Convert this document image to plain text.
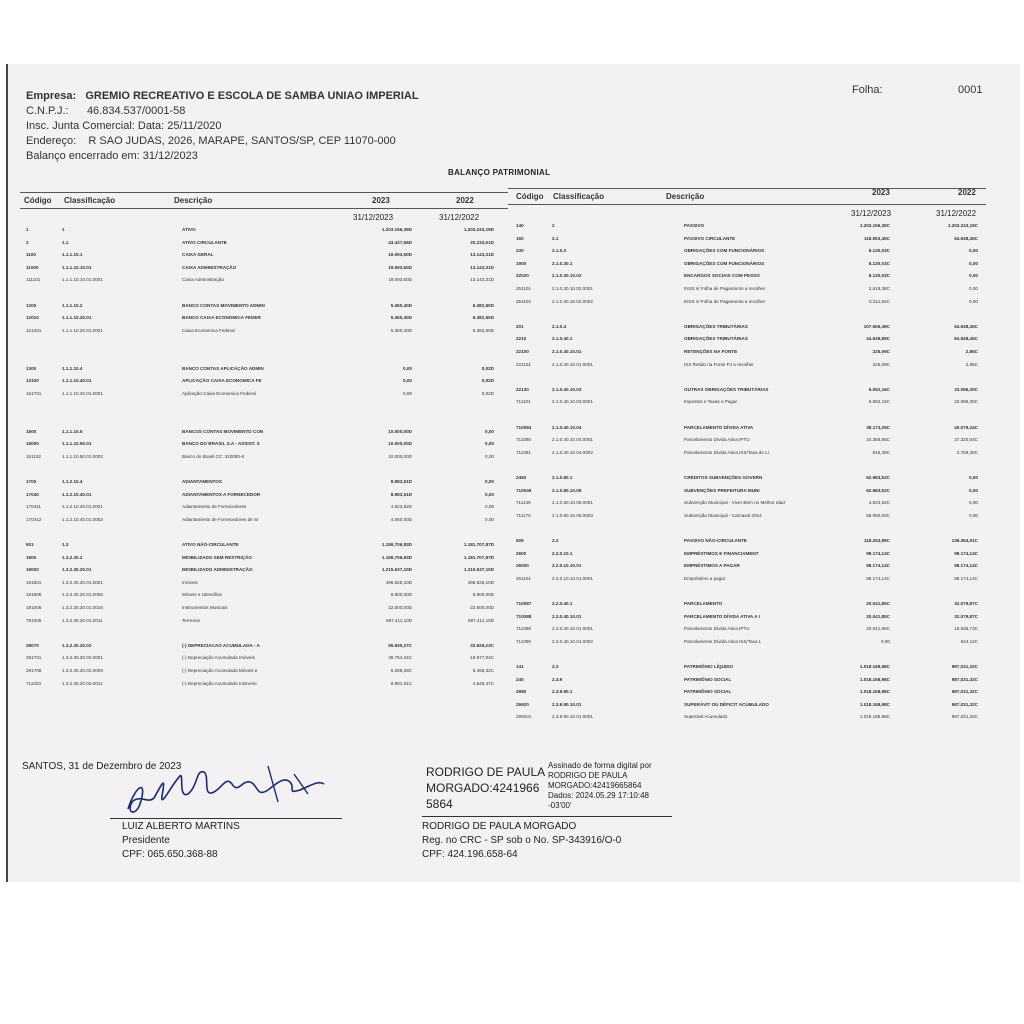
Empresa: GREMIO RECREATIVO E ESCOLA DE SAMBA UNIAO IMPERIAL
C.N.P.J.: 46.834.537/0001-58
Insc. Junta Comercial: Data: 25/11/2020
Endereço: R SAO JUDAS, 2026, MARAPE, SANTOS/SP, CEP 11070-000
Balanço encerrado em: 31/12/2023
Folha:	0001
BALANÇO PATRIMONIAL
Código Classificação	Descrição	2023	2022
31/12/2023	31/12/2022
Código Classificação	Descrição	2023	2022
31/12/2023	31/12/2022
1	1	ATIVO	1.203.156,39D	1.203.233,19D
2	1.1	ATIVO CIRCULANTE	43.437,56D	20.233,01D
1100	1.1.1.10.1	CAIXA GERAL	19.093,50D	13.143,31D
11000	1.1.1.10.10.01	CAIXA ADMINISTRAÇÃO	19.093,50D	13.143,31D
111101	1.1.1.10.10.01.0001	Caixa Administração	19.093,50D	13.143,31D
1200	1.1.1.10.2	BANCO CONTAS MOVIMENTO ADMIN	5.360,40D	6.382,50D
12010	1.1.1.10.20.01	BANCO CAIXA ECONOMICA FEDER	5.360,40D	6.382,50D
121201	1.1.1.10.20.01.0001	Caixa Economica Federal	5.360,40D	6.382,50D
1300	1.1.1.10.4	BANCO CONTAS APLICAÇÃO ADMIN	0,00	0,02D
13100	1.1.1.10.40.01	APLICAÇÃO CAIXA ECONOMICA FE	0,00	0,02D
161701	1.1.1.10.40.01.0001	Aplicação Caixa Economica Federal	0,00	0,02D
1500	1.1.1.10.5	BANCOS CONTAS MOVIMENTO CON	10.000,00D	0,00
15000	1.1.1.10.50.01	BANCO DO BRASIL S.A - ASSIST. S	10.000,00D	0,00
151102	1.1.1.10.50.01.0002	Banco do Brasil CC: 310083-6	10.000,00D	0,00
1700	1.1.2.10.4	ADIANTAMENTOS	8.983,51D	0,00
17040	1.1.2.10.40.01	ADIANTAMENTOS A FORNECEDOR	8.983,51D	0,00
170411	1.1.2.10.40.01.0001	Adiantamento de Fornecedores	4.923,52D	0,00
170412	1.1.2.10.40.01.0002	Adiantamento de Fornecedores de Sr	4.060,00D	0,00
501	1.3	ATIVO NÃO-CIRCULANTE	1.159,706,83D	1.181.707,87D
1900	1.3.2.30.2	IMOBILIZADO SEM RESTRIÇÃO	1.159,706,83D	1.181.707,87D
19000	1.3.2.30.20.01	IMOBILIZADO ADMINISTRAÇÃO	1.215.637,10D	1.215.637,10D
191801	1.3.2.30.20.01.0001	Imóveis	496.825,10D	496.825,10D
191806	1.3.2.30.20.01.0006	Móveis e Utensílios	8.800,00D	8.800,00D
191006	1.3.2.30.20.01.0016	Instrumentos Musicais	22.500,00D	22.500,00D
791005	1.3.2.30.20.01.0011	Terrenos	687.411,10D	687.411,10D
29070	1.3.2.30.20.02	(-) DEPRECIACAO ACUMULADA - A	55.930,27C	33.929,23C
291701	1.3.2.30.20.02.0001	(-) Depreciação Acumulada Imóveis	39.754,34C	19.877,94C
291708	1.3.2.30.20.02.0009	(-) Depreciação Acumulada Móveis e	6.285,28C	5.466,32C
711023	1.3.2.30.20.02.0011	(-) Depreciação Acumulada Instrume	9.891,91C	4.645,47C
140	2	PASSIVO	1.203.156,39C	1.203.233,19C
150	2.1	PASSIVO CIRCULANTE	118.953,45C	64.948,45C
230	2.1.0.3	OBRIGAÇÕES COM FUNCIONÁRIOS	8.130,03C	0,00
1900	2.1.0.30.1	OBRIGAÇÕES COM FUNCIONÁRIOS	8.130,03C	0,00
22020	2.1.0.30.10.02	ENCARGOS SOCIAIS COM PESSO	8.130,03C	0,00
251101	2.1.0.30.10.02.0001	INSS s/ Folha de Pagamento a recolher	2.618,38C	0,00
251102	2.1.0.30.10.02.0002	INSS s/ Folha de Pagamento a recolher	5.511,64C	0,00
201	2.1.0.4	OBRIGAÇÕES TRIBUTÁRIAS	107.655,49C	64.948,45C
2210	2.1.0.40.1	OBRIGAÇÕES TRIBUTÁRIAS	44.649,89C	64.948,45C
22100	2.1.0.40.10.01	RETENÇÕES NA FONTE	225,09C	2,85C
221101	2.1.0.40.10.01.0001	ISS Retido na Fonte PJ a recolher	225,09C	2,85C
22130	2.1.0.40.10.03	OUTRAS OBRIGAÇÕES TRIBUTÁRIAS	6.052,16C	33.096,30C
711101	2.1.0.40.10.03.0001	Impostos e Taxas a Pagar	6.052,16C	33.096,30C
710084	2.1.0.40.10.04	PARCELAMENTO DÍVIDA ATIVA	38.173,25C	40.079,34C
711080	2.1.0.40.10.04.0001	Parcelamento Dívida Ativa IPTU	34.356,86C	37.320,04C
711081	2.1.0.40.10.04.0002	Parcelamento Dívida Ativa ISS/Taxa de Li	816,39C	2.759,30C
2450	2.1.0.80.1	CRÉDITOS SUBVENÇÕES GOVERN	62.983,52C	0,00
710049	2.1.0.80.10.06	SUBVENÇÕES PREFEITURA MUNI	62.983,52C	0,00
711149	2.1.0.80.10.06.0001	Subvenção Municipal - Viver Bem no Melhor Idad	4.923,52C	0,00
711170	2.1.0.80.10.06.0003	Subvenção Municipal - Carnaval 2024	58.060,00C	0,00
505	2.2	PASSIVO NÃO-CIRCULANTE	118.253,99C	136.354,01C
2600	2.2.0.10.1	EMPRÉSTIMOS E FINANCIAMENT	98.174,14C	98.174,14C
26000	2.2.0.10.10.01	EMPRÉSTIMOS A PAGAR	98.174,14C	98.174,14C
261101	2.2.0.10.10.01.0001	Empréstimo a pagar	98.174,14C	98.174,14C
710087	2.2.0.40.1	PARCELAMENTO	20.041,85C	32.079,87C
710088	2.2.0.40.10.01	PARCELAMENTO DÍVIDA ATIVA A I	20.041,85C	32.079,87C
711089	2.2.0.40.10.01.0001	Parcelamento Dívida Ativa IPTU	20.041,85C	16.535,73C
711090	2.2.0.40.10.01.0002	Parcelamento Dívida Ativa ISS/Taxa L	0,00	544,14C
141	2.3	PATRIMÔNIO LÍQUIDO	1.018.168,98C	987,031,32C
240	2.3.9	PATRIMÔNIO SOCIAL	1.018.168,98C	987,031,32C
2990	2.3.9.90.1	PATRIMÔNIO SOCIAL	1.018.168,98C	987,031,32C
29920	2.3.9.90.10.01	SUPERÁVIT OU DÉFICIT ACUMULADO	1.018.168,98C	987,031,32C
295031	2.3.9.90.10.01.0001	Superávit Acumulado	1.018.168,98C	987,031,32C
SANTOS, 31 de Dezembro de 2023
LUIZ ALBERTO MARTINS
Presidente
CPF: 065.650.368-88
RODRIGO DE PAULA
MORGADO:4241966
5864
Assinado de forma digital por
RODRIGO DE PAULA
MORGADO:42419665864
Dados: 2024.05.29 17:10:48
-03'00'
RODRIGO DE PAULA MORGADO
Reg. no CRC - SP sob o No. SP-343916/O-0
CPF: 424.196.658-64
